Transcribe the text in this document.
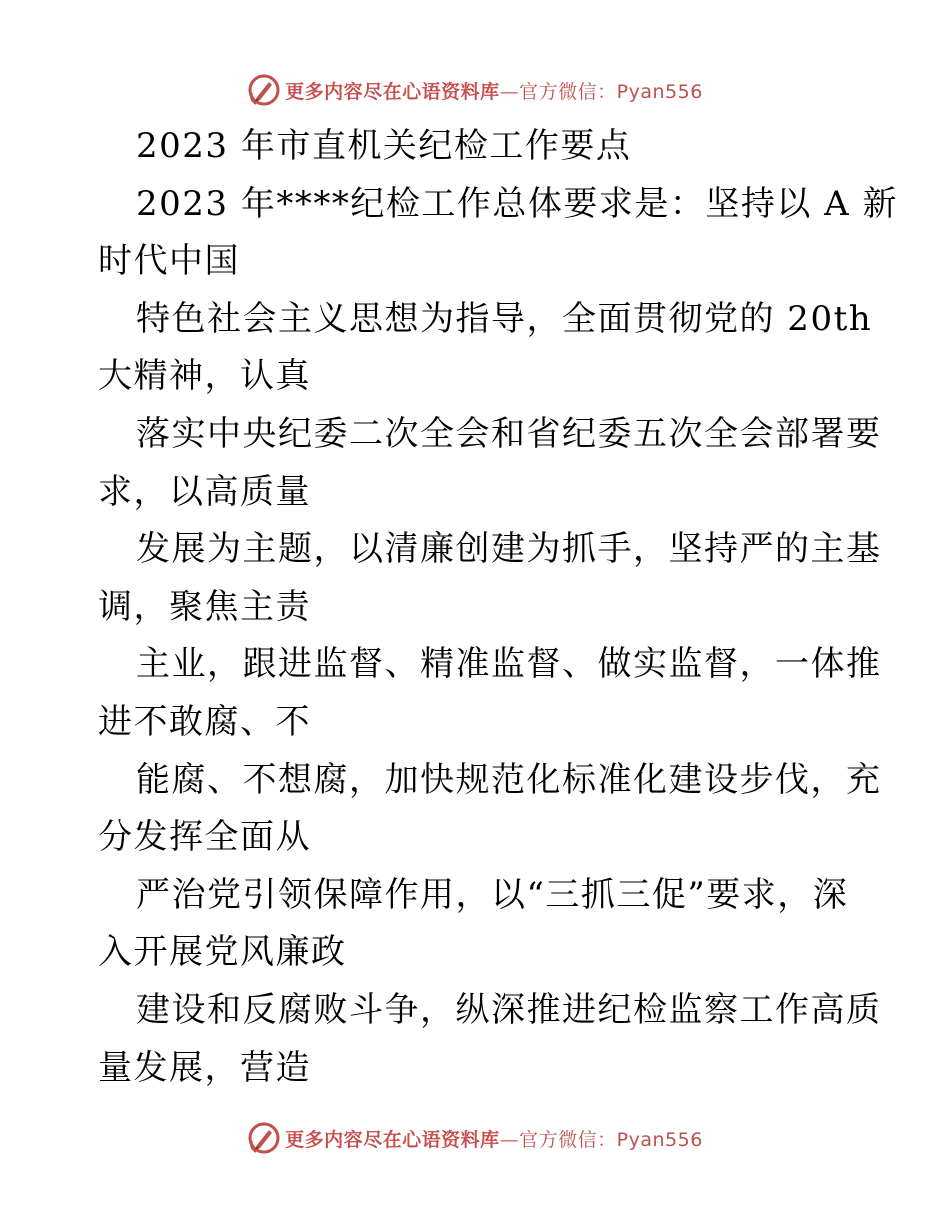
更多内容尽在心语资料库—官方微信：Pyan556
2023 年市直机关纪检工作要点
2023 年****纪检工作总体要求是：坚持以 A 新
时代中国
特色社会主义思想为指导，全面贯彻党的 20th
大精神，认真
落实中央纪委二次全会和省纪委五次全会部署要
求，以高质量
发展为主题，以清廉创建为抓手，坚持严的主基
调，聚焦主责
主业，跟进监督、精准监督、做实监督，一体推
进不敢腐、不
能腐、不想腐，加快规范化标准化建设步伐，充
分发挥全面从
严治党引领保障作用，以“三抓三促”要求，深
入开展党风廉政
建设和反腐败斗争，纵深推进纪检监察工作高质
量发展，营造
更多内容尽在心语资料库—官方微信：Pyan556
